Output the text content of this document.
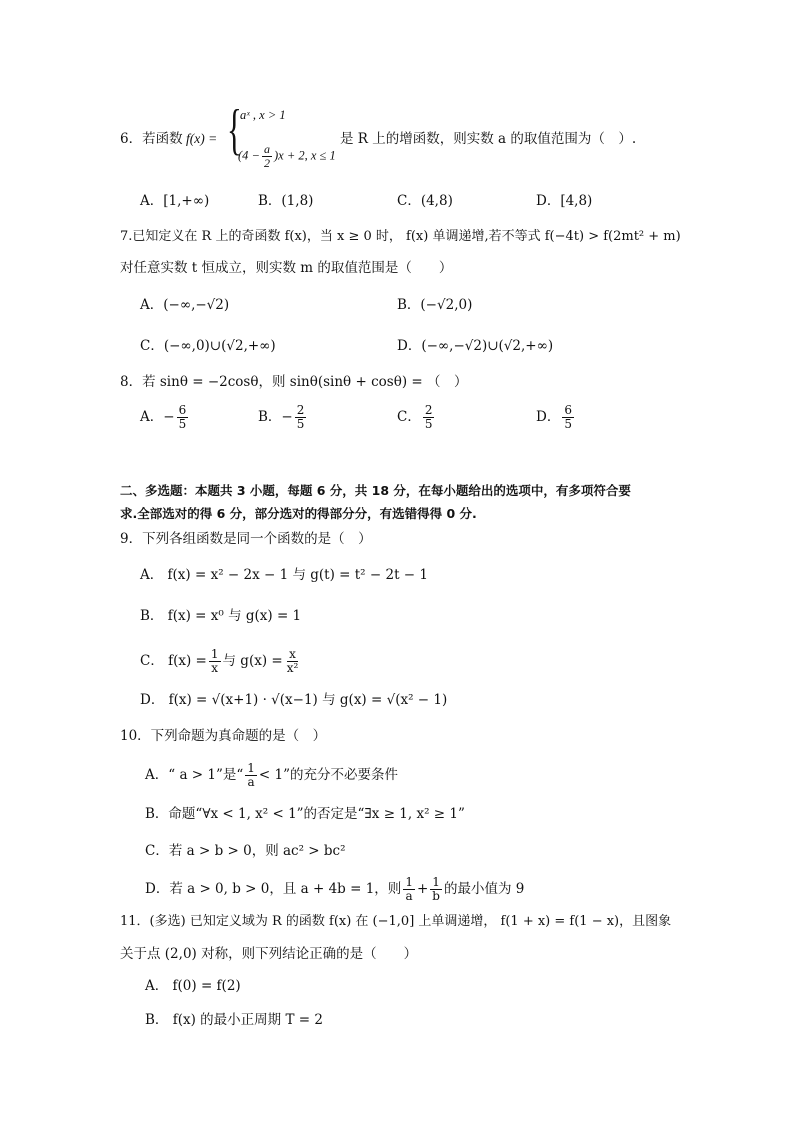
6．若函数 f(x) = {
aˣ , x > 1
$(4 - \frac{a}{2} )x + 2$, x ≤ 1
是 R 上的增函数，则实数 a 的取值范围为（　）.
A．[1,+∞)	B．(1,8)	C．(4,8)	D．[4,8)
7.已知定义在 R 上的奇函数 f(x)，当 x ≥ 0 时， f(x) 单调递增,若不等式 f(−4t) > f(2mt² + m)
对任意实数 t 恒成立，则实数 m 的取值范围是（　　）
A．(−∞,−√2)	B．(−√2,0)
C．(−∞,0)∪(√2,+∞)	D．(−∞,−√2)∪(√2,+∞)
8．若 sinθ = −2cosθ，则 sinθ(sinθ + cosθ) = （　）
A．− $\frac{6}{5}$	B．− $\frac{2}{5}$	C． $\frac{2}{5}$	D． $\frac{6}{5}$
二、多选题：本题共 3 小题，每题 6 分，共 18 分，在每小题给出的选项中，有多项符合要
求.全部选对的得 6 分，部分选对的得部分分，有选错得得 0 分.
9．下列各组函数是同一个函数的是（　）
A． f(x) = x² − 2x − 1 与 g(t) = t² − 2t − 1
B． f(x) = x⁰ 与 g(x) = 1
C． $f(x) = \frac{1}{x}$ 与 $g(x) = \frac{x}{\text{x²}}$
D． f(x) = √(x+1) · √(x−1) 与 g(x) = √(x² − 1)
10．下列命题为真命题的是（　）
A．“ a > 1”是“ $\frac{1}{a} < 1$”的充分不必要条件
B．命题“∀x < 1, x² < 1”的否定是“∃x ≥ 1, x² ≥ 1”
C．若 a > b > 0，则 ac² > bc²
D．若 a > 0, b > 0，且 a + 4b = 1，则 $\frac{1}{a} + \frac{1}{b}$ 的最小值为 9
11．(多选) 已知定义域为 R 的函数 f(x) 在 (−1,0] 上单调递增， f(1 + x) = f(1 − x)，且图象
关于点 (2,0) 对称，则下列结论正确的是（　　）
A． f(0) = f(2)
B． f(x) 的最小正周期 T = 2
